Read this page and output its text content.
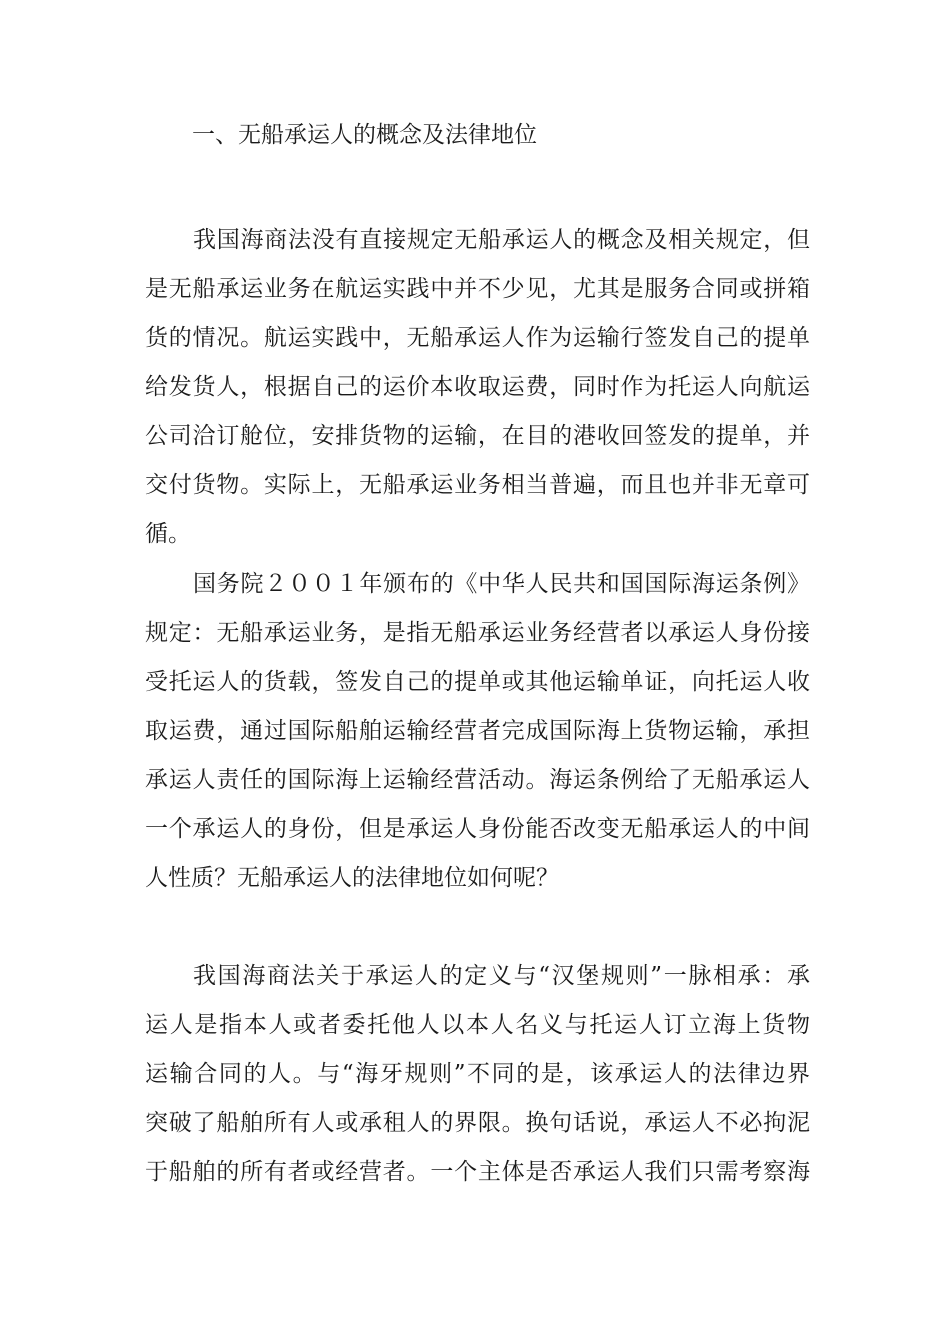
一、无船承运人的概念及法律地位
我国海商法没有直接规定无船承运人的概念及相关规定，但
是无船承运业务在航运实践中并不少见，尤其是服务合同或拼箱
货的情况。航运实践中，无船承运人作为运输行签发自己的提单
给发货人，根据自己的运价本收取运费，同时作为托运人向航运
公司洽订舱位，安排货物的运输，在目的港收回签发的提单，并
交付货物。实际上，无船承运业务相当普遍，而且也并非无章可
循。
国务院２００１年颁布的《中华人民共和国国际海运条例》
规定：无船承运业务，是指无船承运业务经营者以承运人身份接
受托运人的货载，签发自己的提单或其他运输单证，向托运人收
取运费，通过国际船舶运输经营者完成国际海上货物运输，承担
承运人责任的国际海上运输经营活动。海运条例给了无船承运人
一个承运人的身份，但是承运人身份能否改变无船承运人的中间
人性质？无船承运人的法律地位如何呢？
我国海商法关于承运人的定义与“汉堡规则”一脉相承：承
运人是指本人或者委托他人以本人名义与托运人订立海上货物
运输合同的人。与“海牙规则”不同的是，该承运人的法律边界
突破了船舶所有人或承租人的界限。换句话说，承运人不必拘泥
于船舶的所有者或经营者。一个主体是否承运人我们只需考察海
